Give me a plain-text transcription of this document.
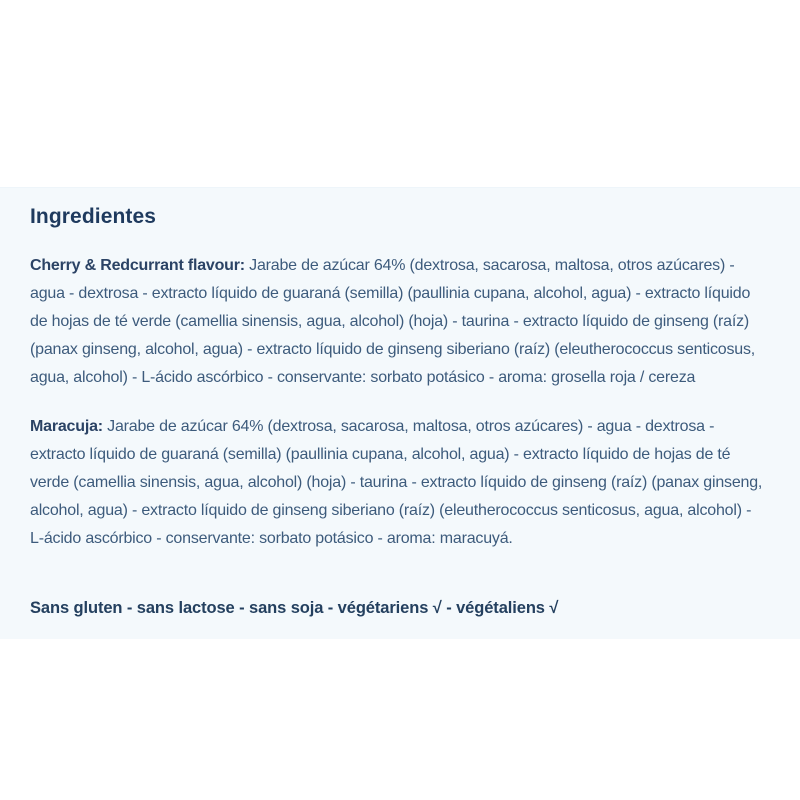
Ingredientes

Cherry & Redcurrant flavour: Jarabe de azúcar 64% (dextrosa, sacarosa, maltosa, otros azúcares) - agua - dextrosa - extracto líquido de guaraná (semilla) (paullinia cupana, alcohol, agua) - extracto líquido de hojas de té verde (camellia sinensis, agua, alcohol) (hoja) - taurina - extracto líquido de ginseng (raíz) (panax ginseng, alcohol, agua) - extracto líquido de ginseng siberiano (raíz) (eleutherococcus senticosus, agua, alcohol) - L-ácido ascórbico - conservante: sorbato potásico - aroma: grosella roja / cereza

Maracuja: Jarabe de azúcar 64% (dextrosa, sacarosa, maltosa, otros azúcares) - agua - dextrosa - extracto líquido de guaraná (semilla) (paullinia cupana, alcohol, agua) - extracto líquido de hojas de té verde (camellia sinensis, agua, alcohol) (hoja) - taurina - extracto líquido de ginseng (raíz) (panax ginseng, alcohol, agua) - extracto líquido de ginseng siberiano (raíz) (eleutherococcus senticosus, agua, alcohol) - L-ácido ascórbico - conservante: sorbato potásico - aroma: maracuyá.

Sans gluten - sans lactose - sans soja - végétariens √ - végétaliens √
